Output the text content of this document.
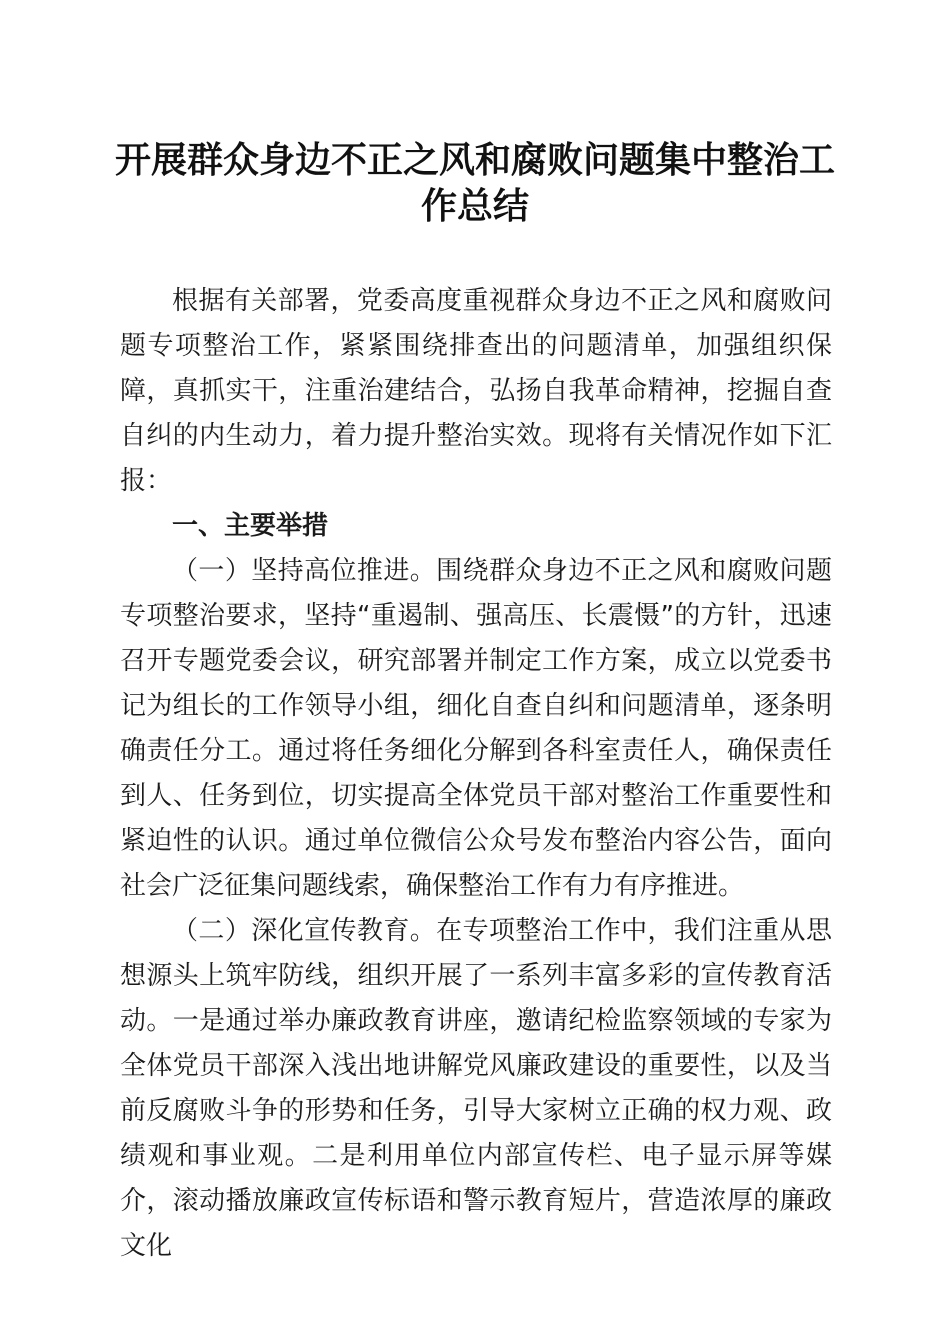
开展群众身边不正之风和腐败问题集中整治工作总结

根据有关部署，党委高度重视群众身边不正之风和腐败问题专项整治工作，紧紧围绕排查出的问题清单，加强组织保障，真抓实干，注重治建结合，弘扬自我革命精神，挖掘自查自纠的内生动力，着力提升整治实效。现将有关情况作如下汇报：

一、主要举措

（一）坚持高位推进。围绕群众身边不正之风和腐败问题专项整治要求，坚持“重遏制、强高压、长震慑”的方针，迅速召开专题党委会议，研究部署并制定工作方案，成立以党委书记为组长的工作领导小组，细化自查自纠和问题清单，逐条明确责任分工。通过将任务细化分解到各科室责任人，确保责任到人、任务到位，切实提高全体党员干部对整治工作重要性和紧迫性的认识。通过单位微信公众号发布整治内容公告，面向社会广泛征集问题线索，确保整治工作有力有序推进。

（二）深化宣传教育。在专项整治工作中，我们注重从思想源头上筑牢防线，组织开展了一系列丰富多彩的宣传教育活动。一是通过举办廉政教育讲座，邀请纪检监察领域的专家为全体党员干部深入浅出地讲解党风廉政建设的重要性，以及当前反腐败斗争的形势和任务，引导大家树立正确的权力观、政绩观和事业观。二是利用单位内部宣传栏、电子显示屏等媒介，滚动播放廉政宣传标语和警示教育短片，营造浓厚的廉政文化
